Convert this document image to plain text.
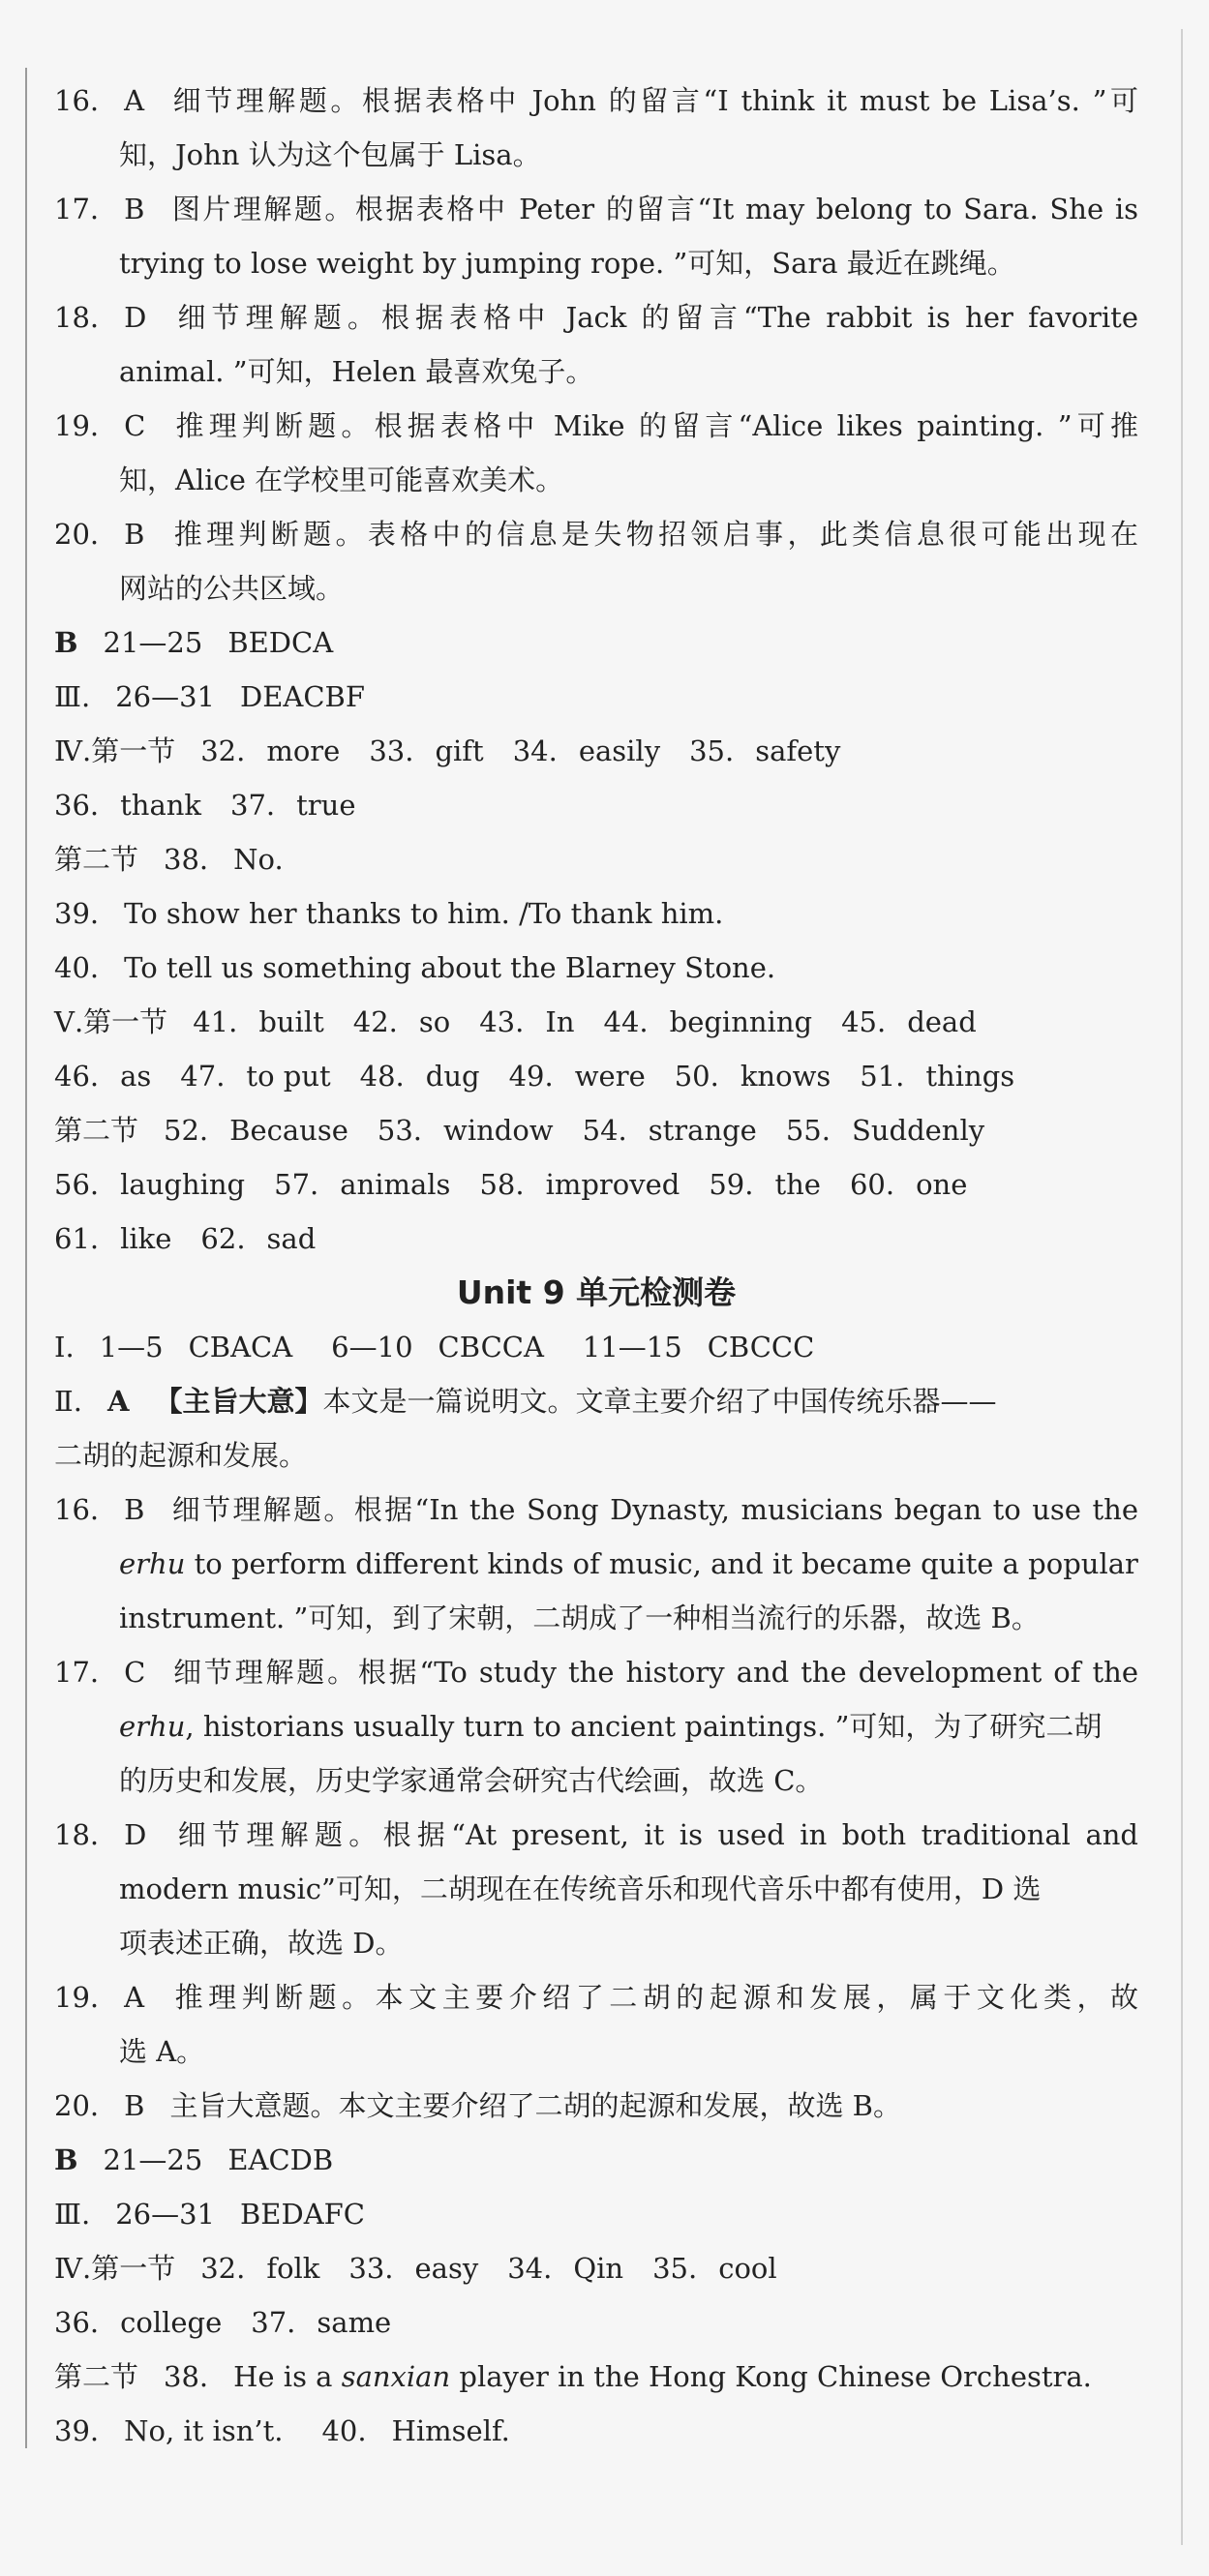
16. A 细节理解题。根据表格中 John 的留言“I think it must be Lisa’s. ”可
知，John 认为这个包属于 Lisa。
17. B 图片理解题。根据表格中 Peter 的留言“It may belong to Sara. She is
trying to lose weight by jumping rope. ”可知，Sara 最近在跳绳。
18. D 细节理解题。根据表格中 Jack 的留言“The rabbit is her favorite
animal. ”可知，Helen 最喜欢兔子。
19. C 推理判断题。根据表格中 Mike 的留言“Alice likes painting. ”可推
知，Alice 在学校里可能喜欢美术。
20. B 推理判断题。表格中的信息是失物招领启事，此类信息很可能出现在
网站的公共区域。
B 21—25 BEDCA
Ⅲ. 26—31 DEACBF
Ⅳ.第一节 32. more 33. gift 34. easily 35. safety
36. thank 37. true
第二节 38. No.
39. To show her thanks to him. /To thank him.
40. To tell us something about the Blarney Stone.
Ⅴ.第一节 41. built 42. so 43. In 44. beginning 45. dead
46. as 47. to put 48. dug 49. were 50. knows 51. things
第二节 52. Because 53. window 54. strange 55. Suddenly
56. laughing 57. animals 58. improved 59. the 60. one
61. like 62. sad
Unit 9 单元检测卷
Ⅰ. 1—5 CBACA 6—10 CBCCA 11—15 CBCCC
Ⅱ. A 【主旨大意】本文是一篇说明文。文章主要介绍了中国传统乐器——
二胡的起源和发展。
16. B 细节理解题。根据“In the Song Dynasty, musicians began to use the
erhu to perform different kinds of music, and it became quite a popular
instrument. ”可知，到了宋朝，二胡成了一种相当流行的乐器，故选 B。
17. C 细节理解题。根据“To study the history and the development of the
erhu, historians usually turn to ancient paintings. ”可知，为了研究二胡
的历史和发展，历史学家通常会研究古代绘画，故选 C。
18. D 细节理解题。根据“At present, it is used in both traditional and
modern music”可知，二胡现在在传统音乐和现代音乐中都有使用，D 选
项表述正确，故选 D。
19. A 推理判断题。本文主要介绍了二胡的起源和发展，属于文化类，故
选 A。
20. B 主旨大意题。本文主要介绍了二胡的起源和发展，故选 B。
B 21—25 EACDB
Ⅲ. 26—31 BEDAFC
Ⅳ.第一节 32. folk 33. easy 34. Qin 35. cool
36. college 37. same
第二节 38. He is a sanxian player in the Hong Kong Chinese Orchestra.
39. No, it isn’t. 40. Himself.
